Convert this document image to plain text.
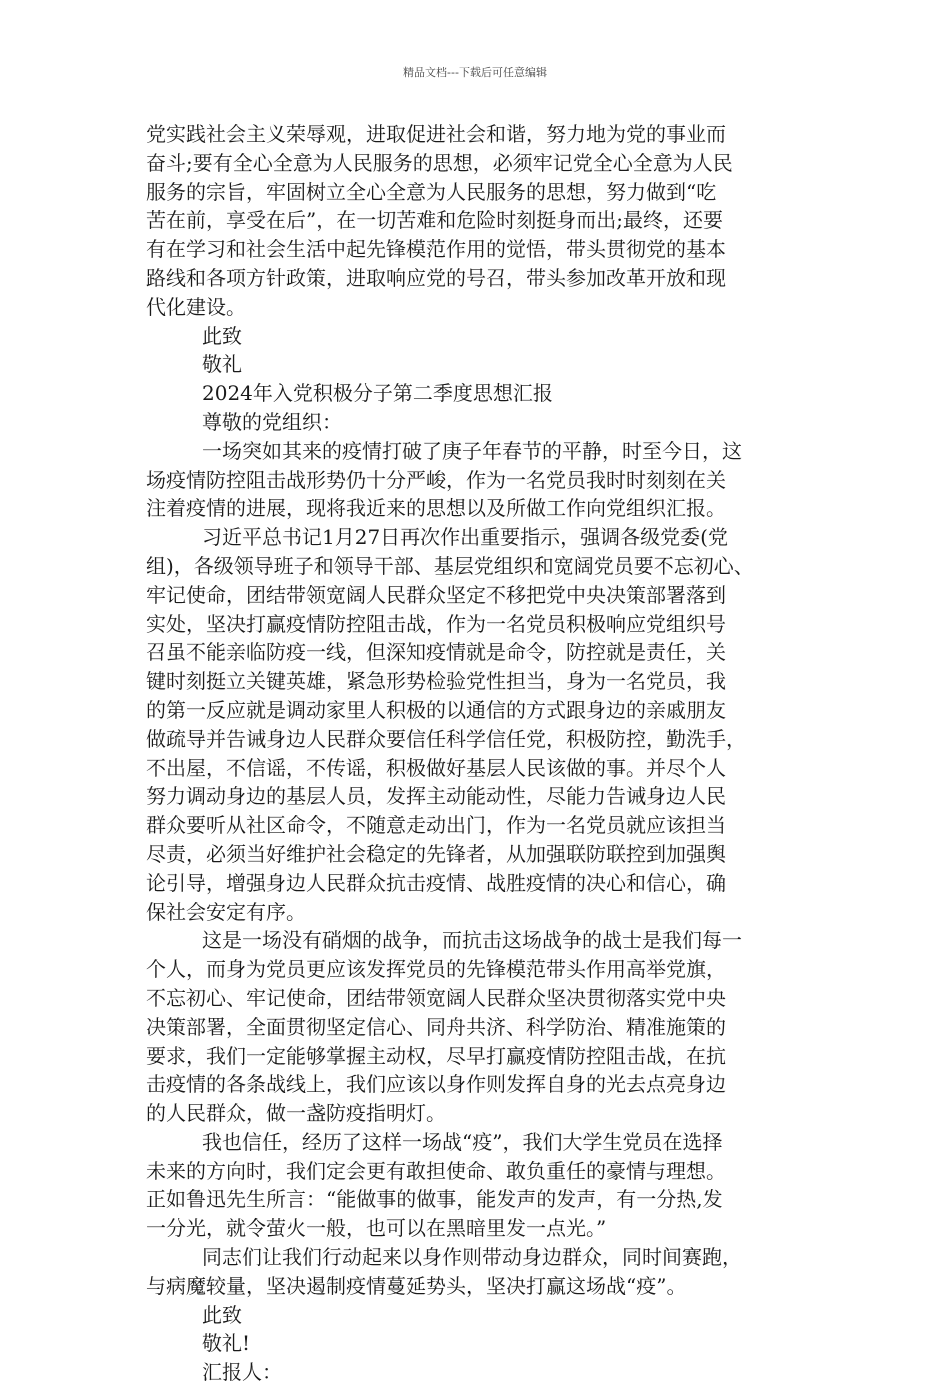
精品文档---下载后可任意编辑
党实践社会主义荣辱观，进取促进社会和谐，努力地为党的事业而
奋斗;要有全心全意为人民服务的思想，必须牢记党全心全意为人民
服务的宗旨，牢固树立全心全意为人民服务的思想，努力做到“吃
苦在前，享受在后”，在一切苦难和危险时刻挺身而出;最终，还要
有在学习和社会生活中起先锋模范作用的觉悟，带头贯彻党的基本
路线和各项方针政策，进取响应党的号召，带头参加改革开放和现
代化建设。
此致
敬礼
2024年入党积极分子第二季度思想汇报
尊敬的党组织：
一场突如其来的疫情打破了庚子年春节的平静，时至今日，这
场疫情防控阻击战形势仍十分严峻，作为一名党员我时时刻刻在关
注着疫情的进展，现将我近来的思想以及所做工作向党组织汇报。
习近平总书记1月27日再次作出重要指示，强调各级党委(党
组)，各级领导班子和领导干部、基层党组织和宽阔党员要不忘初心、
牢记使命，团结带领宽阔人民群众坚定不移把党中央决策部署落到
实处，坚决打赢疫情防控阻击战，作为一名党员积极响应党组织号
召虽不能亲临防疫一线，但深知疫情就是命令，防控就是责任，关
键时刻挺立关键英雄，紧急形势检验党性担当，身为一名党员，我
的第一反应就是调动家里人积极的以通信的方式跟身边的亲戚朋友
做疏导并告诫身边人民群众要信任科学信任党，积极防控，勤洗手，
不出屋，不信谣，不传谣，积极做好基层人民该做的事。并尽个人
努力调动身边的基层人员，发挥主动能动性，尽能力告诫身边人民
群众要听从社区命令，不随意走动出门，作为一名党员就应该担当
尽责，必须当好维护社会稳定的先锋者，从加强联防联控到加强舆
论引导，增强身边人民群众抗击疫情、战胜疫情的决心和信心，确
保社会安定有序。
这是一场没有硝烟的战争，而抗击这场战争的战士是我们每一
个人，而身为党员更应该发挥党员的先锋模范带头作用高举党旗，
不忘初心、牢记使命，团结带领宽阔人民群众坚决贯彻落实党中央
决策部署，全面贯彻坚定信心、同舟共济、科学防治、精准施策的
要求，我们一定能够掌握主动权，尽早打赢疫情防控阻击战，在抗
击疫情的各条战线上，我们应该以身作则发挥自身的光去点亮身边
的人民群众，做一盏防疫指明灯。
我也信任，经历了这样一场战“疫”，我们大学生党员在选择
未来的方向时，我们定会更有敢担使命、敢负重任的豪情与理想。
正如鲁迅先生所言：“能做事的做事，能发声的发声，有一分热,发
一分光，就令萤火一般，也可以在黑暗里发一点光。”
同志们让我们行动起来以身作则带动身边群众，同时间赛跑，
与病魔较量，坚决遏制疫情蔓延势头，坚决打赢这场战“疫”。
此致
敬礼!
汇报人：
